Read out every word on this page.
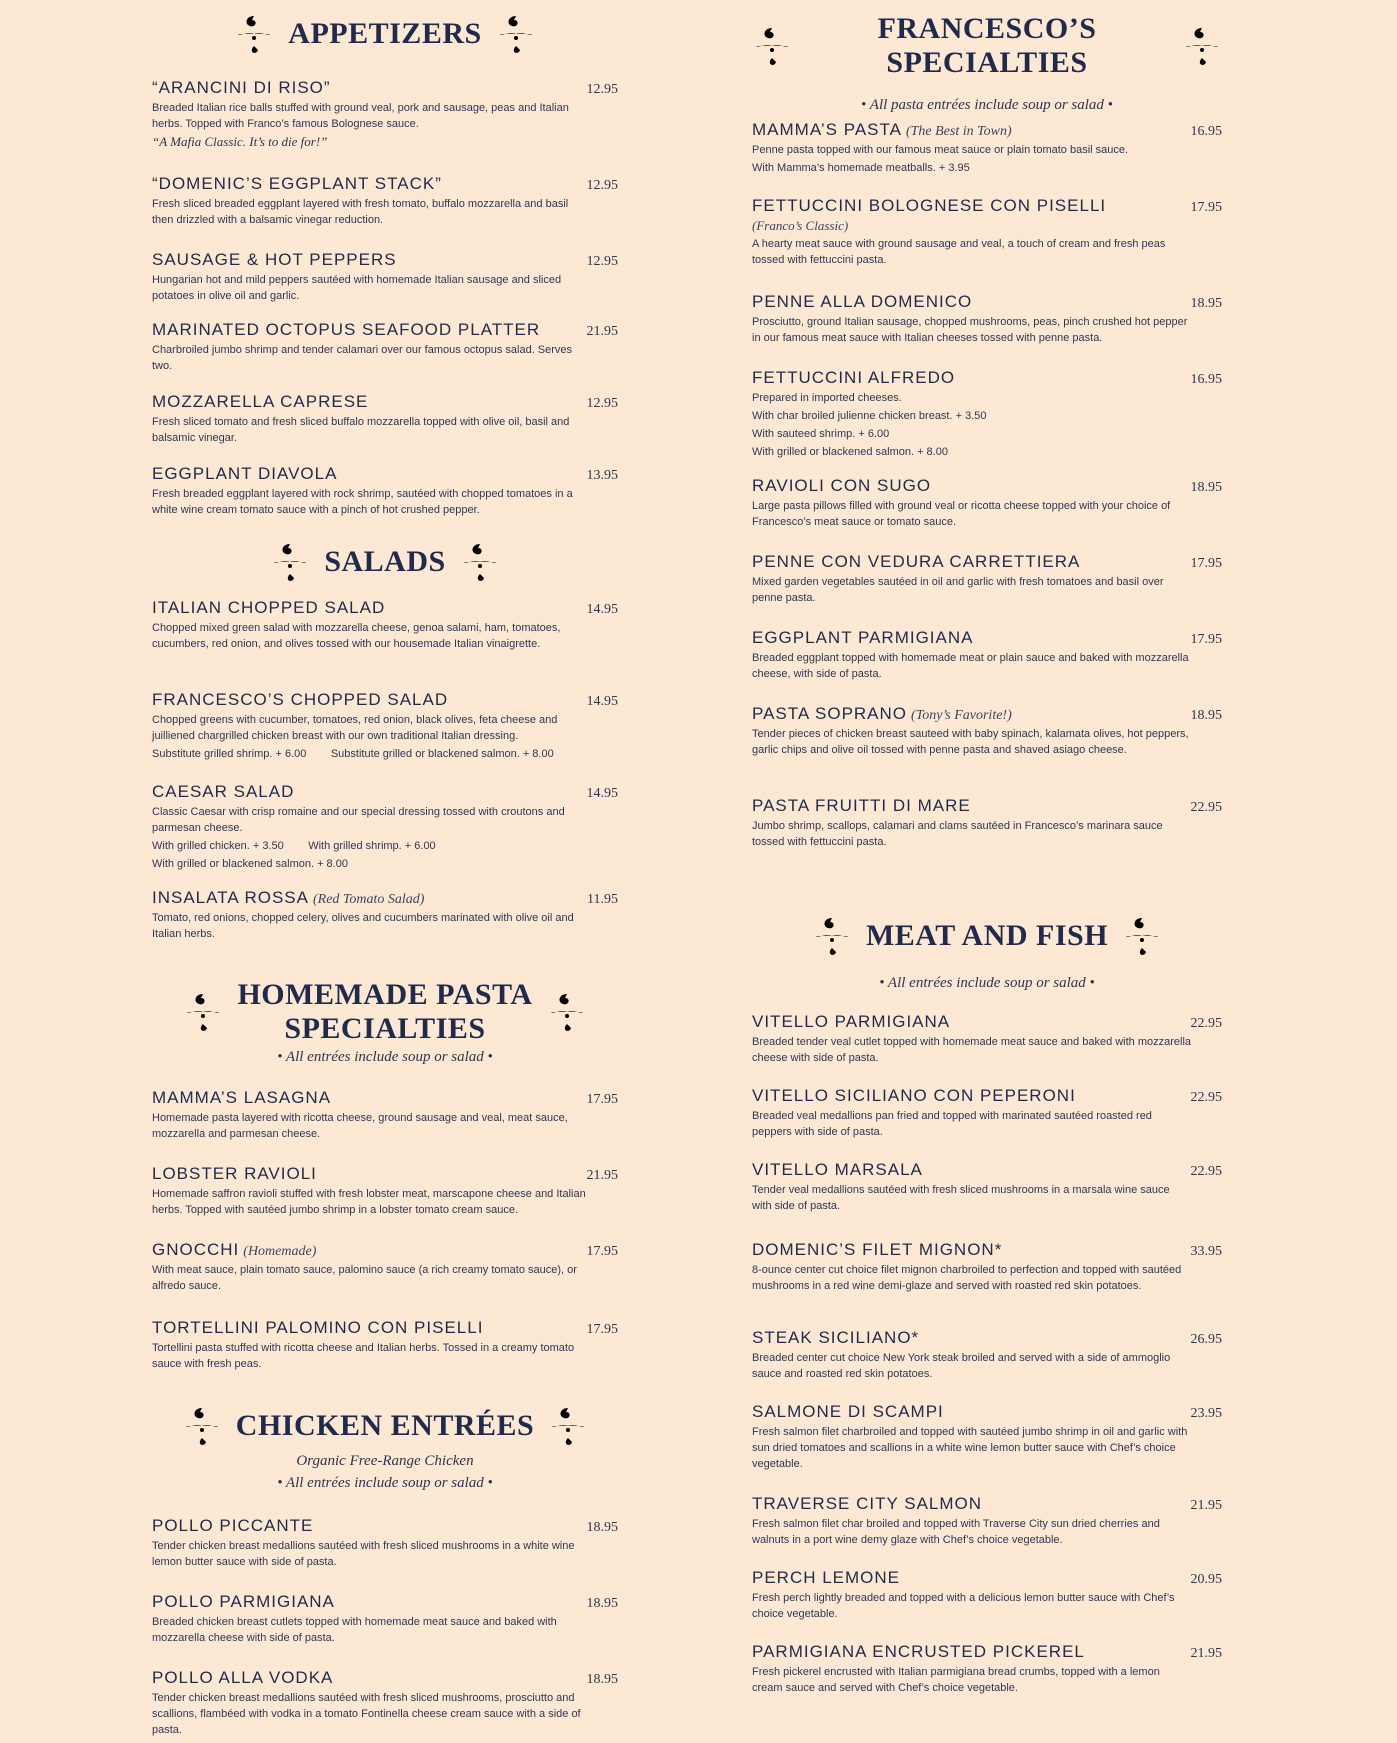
APPETIZERS
“ARANCINI DI RISO”	12.95
Breaded Italian rice balls stuffed with ground veal, pork and sausage, peas and Italian herbs. Topped with Franco’s famous Bolognese sauce.
“A Mafia Classic. It’s to die for!”
“DOMENIC’S EGGPLANT STACK”	12.95
Fresh sliced breaded eggplant layered with fresh tomato, buffalo mozzarella and basil then drizzled with a balsamic vinegar reduction.
SAUSAGE & HOT PEPPERS	12.95
Hungarian hot and mild peppers sautéed with homemade Italian sausage and sliced potatoes in olive oil and garlic.
MARINATED OCTOPUS SEAFOOD PLATTER	21.95
Charbroiled jumbo shrimp and tender calamari over our famous octopus salad. Serves two.
MOZZARELLA CAPRESE	12.95
Fresh sliced tomato and fresh sliced buffalo mozzarella topped with olive oil, basil and balsamic vinegar.
EGGPLANT DIAVOLA	13.95
Fresh breaded eggplant layered with rock shrimp, sautéed with chopped tomatoes in a white wine cream tomato sauce with a pinch of hot crushed pepper.
SALADS
ITALIAN CHOPPED SALAD	14.95
Chopped mixed green salad with mozzarella cheese, genoa salami, ham, tomatoes, cucumbers, red onion, and olives tossed with our housemade Italian vinaigrette.
FRANCESCO’S CHOPPED SALAD	14.95
Chopped greens with cucumber, tomatoes, red onion, black olives, feta cheese and juilliened chargrilled chicken breast with our own traditional Italian dressing.
Substitute grilled shrimp. + 6.00        Substitute grilled or blackened salmon. + 8.00
CAESAR SALAD	14.95
Classic Caesar with crisp romaine and our special dressing tossed with croutons and parmesan cheese.
With grilled chicken. + 3.50        With grilled shrimp. + 6.00
With grilled or blackened salmon. + 8.00
INSALATA ROSSA (Red Tomato Salad)	11.95
Tomato, red onions, chopped celery, olives and cucumbers marinated with olive oil and Italian herbs.
HOMEMADE PASTA
SPECIALTIES
• All entrées include soup or salad •
MAMMA’S LASAGNA	17.95
Homemade pasta layered with ricotta cheese, ground sausage and veal, meat sauce, mozzarella and parmesan cheese.
LOBSTER RAVIOLI	21.95
Homemade saffron ravioli stuffed with fresh lobster meat, marscapone cheese and Italian herbs. Topped with sautéed jumbo shrimp in a lobster tomato cream sauce.
GNOCCHI (Homemade)	17.95
With meat sauce, plain tomato sauce, palomino sauce (a rich creamy tomato sauce), or alfredo sauce.
TORTELLINI PALOMINO CON PISELLI	17.95
Tortellini pasta stuffed with ricotta cheese and Italian herbs. Tossed in a creamy tomato sauce with fresh peas.
CHICKEN ENTRÉES
Organic Free-Range Chicken
• All entrées include soup or salad •
POLLO PICCANTE	18.95
Tender chicken breast medallions sautéed with fresh sliced mushrooms in a white wine lemon butter sauce with side of pasta.
POLLO PARMIGIANA	18.95
Breaded chicken breast cutlets topped with homemade meat sauce and baked with mozzarella cheese with side of pasta.
POLLO ALLA VODKA	18.95
Tender chicken breast medallions sautéed with fresh sliced mushrooms, prosciutto and scallions, flambéed with vodka in a tomato Fontinella cheese cream sauce with a side of pasta.
FRANCESCO’S SPECIALTIES
• All pasta entrées include soup or salad •
MAMMA’S PASTA (The Best in Town)	16.95
Penne pasta topped with our famous meat sauce or plain tomato basil sauce.
With Mamma’s homemade meatballs. + 3.95
FETTUCCINI BOLOGNESE CON PISELLI	17.95
(Franco’s Classic)
A hearty meat sauce with ground sausage and veal, a touch of cream and fresh peas tossed with fettuccini pasta.
PENNE ALLA DOMENICO	18.95
Prosciutto, ground Italian sausage, chopped mushrooms, peas, pinch crushed hot pepper in our famous meat sauce with Italian cheeses tossed with penne pasta.
FETTUCCINI ALFREDO	16.95
Prepared in imported cheeses.
With char broiled julienne chicken breast. + 3.50
With sauteed shrimp. + 6.00
With grilled or blackened salmon. + 8.00
RAVIOLI CON SUGO	18.95
Large pasta pillows filled with ground veal or ricotta cheese topped with your choice of Francesco’s meat sauce or tomato sauce.
PENNE CON VEDURA CARRETTIERA	17.95
Mixed garden vegetables sautéed in oil and garlic with fresh tomatoes and basil over penne pasta.
EGGPLANT PARMIGIANA	17.95
Breaded eggplant topped with homemade meat or plain sauce and baked with mozzarella cheese, with side of pasta.
PASTA SOPRANO (Tony’s Favorite!)	18.95
Tender pieces of chicken breast sauteed with baby spinach, kalamata olives, hot peppers, garlic chips and olive oil tossed with penne pasta and shaved asiago cheese.
PASTA FRUITTI DI MARE	22.95
Jumbo shrimp, scallops, calamari and clams sautéed in Francesco’s marinara sauce tossed with fettuccini pasta.
MEAT AND FISH
• All entrées include soup or salad •
VITELLO PARMIGIANA	22.95
Breaded tender veal cutlet topped with homemade meat sauce and baked with mozzarella cheese with side of pasta.
VITELLO SICILIANO CON PEPERONI	22.95
Breaded veal medallions pan fried and topped with marinated sautéed roasted red peppers with side of pasta.
VITELLO MARSALA	22.95
Tender veal medallions sautéed with fresh sliced mushrooms in a marsala wine sauce with side of pasta.
DOMENIC’S FILET MIGNON*	33.95
8-ounce center cut choice filet mignon charbroiled to perfection and topped with sautéed mushrooms in a red wine demi-glaze and served with roasted red skin potatoes.
STEAK SICILIANO*	26.95
Breaded center cut choice New York steak broiled and served with a side of ammoglio sauce and roasted red skin potatoes.
SALMONE DI SCAMPI	23.95
Fresh salmon filet charbroiled and topped with sautéed jumbo shrimp in oil and garlic with sun dried tomatoes and scallions in a white wine lemon butter sauce with Chef’s choice vegetable.
TRAVERSE CITY SALMON	21.95
Fresh salmon filet char broiled and topped with Traverse City sun dried cherries and walnuts in a port wine demy glaze with Chef’s choice vegetable.
PERCH LEMONE	20.95
Fresh perch lightly breaded and topped with a delicious lemon butter sauce with Chef’s choice vegetable.
PARMIGIANA ENCRUSTED PICKEREL	21.95
Fresh pickerel encrusted with Italian parmigiana bread crumbs, topped with a lemon cream sauce and served with Chef’s choice vegetable.
